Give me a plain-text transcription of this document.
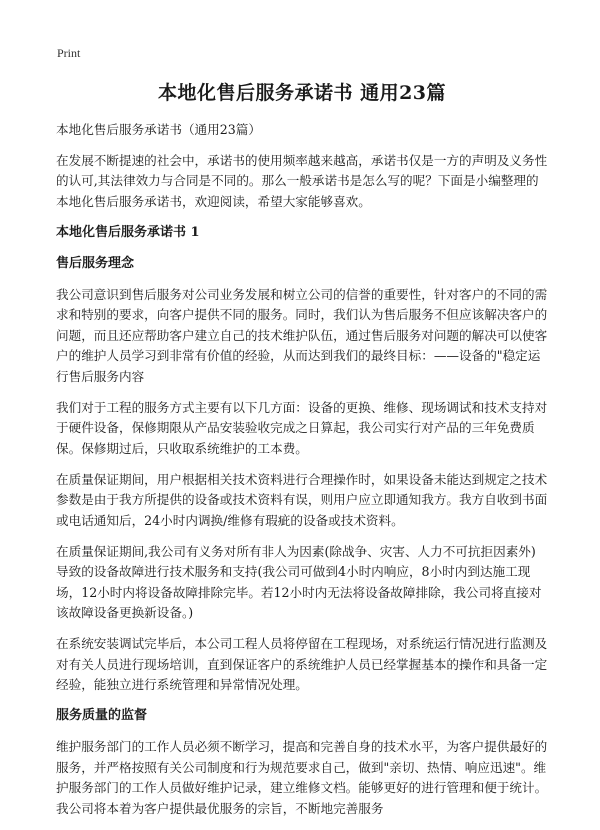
Print
本地化售后服务承诺书 通用23篇

本地化售后服务承诺书（通用23篇）

在发展不断提速的社会中，承诺书的使用频率越来越高，承诺书仅是一方的声明及义务性的认可,其法律效力与合同是不同的。那么一般承诺书是怎么写的呢？下面是小编整理的本地化售后服务承诺书，欢迎阅读，希望大家能够喜欢。

本地化售后服务承诺书 1
售后服务理念

我公司意识到售后服务对公司业务发展和树立公司的信誉的重要性，针对客户的不同的需求和特别的要求，向客户提供不同的服务。同时，我们认为售后服务不但应该解决客户的问题，而且还应帮助客户建立自己的技术维护队伍，通过售后服务对问题的解决可以使客户的维护人员学习到非常有价值的经验，从而达到我们的最终目标：——设备的"稳定运行售后服务内容

我们对于工程的服务方式主要有以下几方面：设备的更换、维修、现场调试和技术支持对于硬件设备，保修期限从产品安装验收完成之日算起，我公司实行对产品的三年免费质保。保修期过后，只收取系统维护的工本费。

在质量保证期间，用户根据相关技术资料进行合理操作时，如果设备未能达到规定之技术参数是由于我方所提供的设备或技术资料有误，则用户应立即通知我方。我方自收到书面或电话通知后，24小时内调换/维修有瑕疵的设备或技术资料。

在质量保证期间,我公司有义务对所有非人为因素(除战争、灾害、人力不可抗拒因素外)导致的设备故障进行技术服务和支持(我公司可做到4小时内响应，8小时内到达施工现场，12小时内将设备故障排除完毕。若12小时内无法将设备故障排除，我公司将直接对该故障设备更换新设备。)

在系统安装调试完毕后，本公司工程人员将停留在工程现场，对系统运行情况进行监测及对有关人员进行现场培训，直到保证客户的系统维护人员已经掌握基本的操作和具备一定经验，能独立进行系统管理和异常情况处理。

服务质量的监督

维护服务部门的工作人员必须不断学习，提高和完善自身的技术水平，为客户提供最好的服务，并严格按照有关公司制度和行为规范要求自己，做到"亲切、热情、响应迅速"。维护服务部门的工作人员做好维护记录，建立维修文档。能够更好的进行管理和便于统计。我公司将本着为客户提供最优服务的宗旨，不断地完善服务
